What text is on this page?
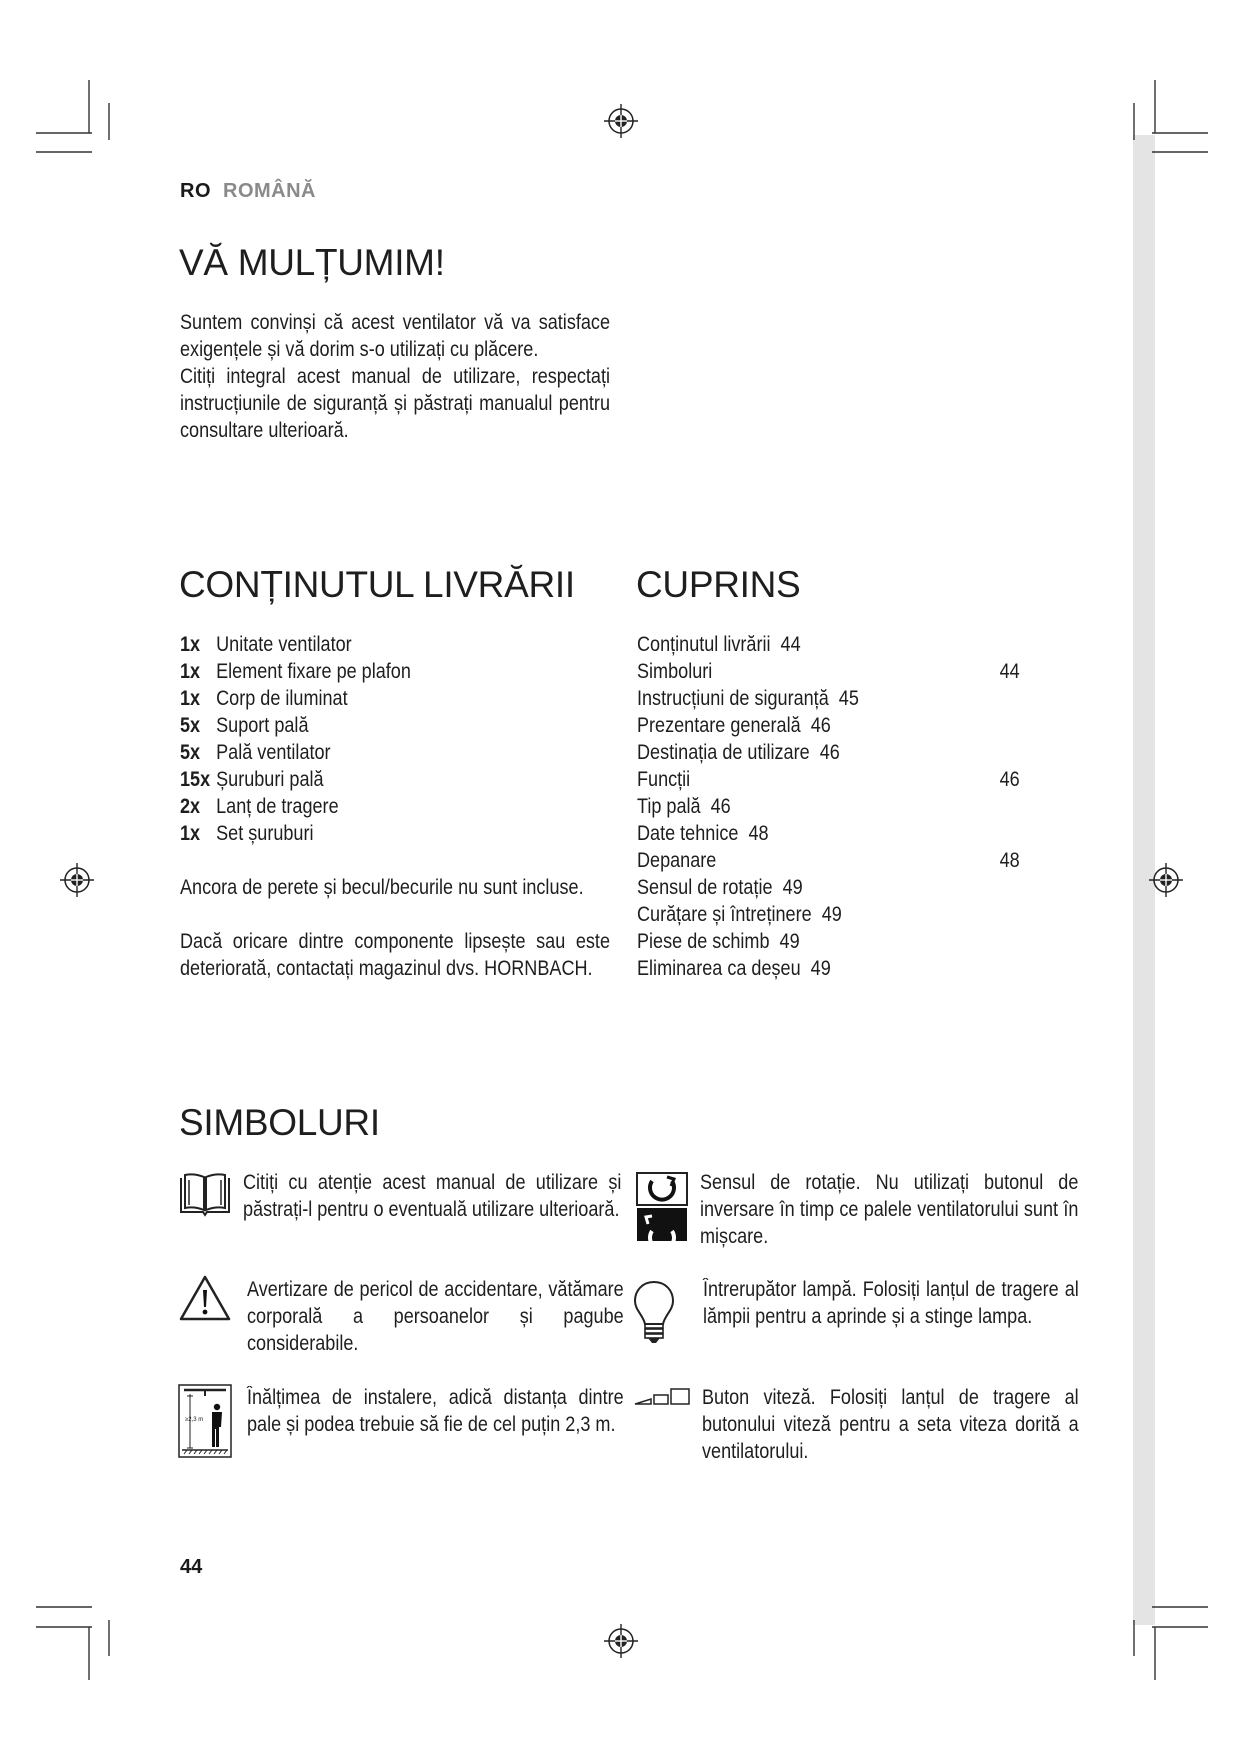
RO ROMÂNĂ
VĂ MULȚUMIM!

Suntem convinși că acest ventilator vă va satisface exigențele și vă dorim s-o utilizați cu plăcere.

Citiți integral acest manual de utilizare, respectați instrucțiunile de siguranță și păstrați manualul pentru consultare ulterioară.

CONȚINUTUL LIVRĂRII
1x Unitate ventilator
1x Element fixare pe plafon
1x Corp de iluminat
5x Suport pală
5x Pală ventilator
15x Șuruburi pală
2x Lanț de tragere
1x Set șuruburi

Ancora de perete și becul/becurile nu sunt incluse.

Dacă oricare dintre componente lipsește sau este deteriorată, contactați magazinul dvs. HORNBACH.

CUPRINS
Conținutul livrării 44
Simboluri	44
Instrucțiuni de siguranță 45
Prezentare generală 46
Destinația de utilizare 46
Funcții	46
Tip pală 46
Date tehnice 48
Depanare	48
Sensul de rotație 49
Curățare și întreținere 49
Piese de schimb 49
Eliminarea ca deșeu 49
SIMBOLURI

Citiți cu atenție acest manual de utilizare și păstrați-l pentru o eventuală utilizare ulterioară.

Sensul de rotație. Nu utilizați butonul de inversare în timp ce palele ventilatorului sunt în mișcare.

Avertizare de pericol de accidentare, vătămare corporală a persoanelor și pagube considerabile.

Întrerupător lampă. Folosiți lanțul de tragere al lămpii pentru a aprinde și a stinge lampa.

≥2,3 m

Înălțimea de instalere, adică distanța dintre pale și podea trebuie să fie de cel puțin 2,3 m.

Buton viteză. Folosiți lanțul de tragere al butonului viteză pentru a seta viteza dorită a ventilatorului.

44
